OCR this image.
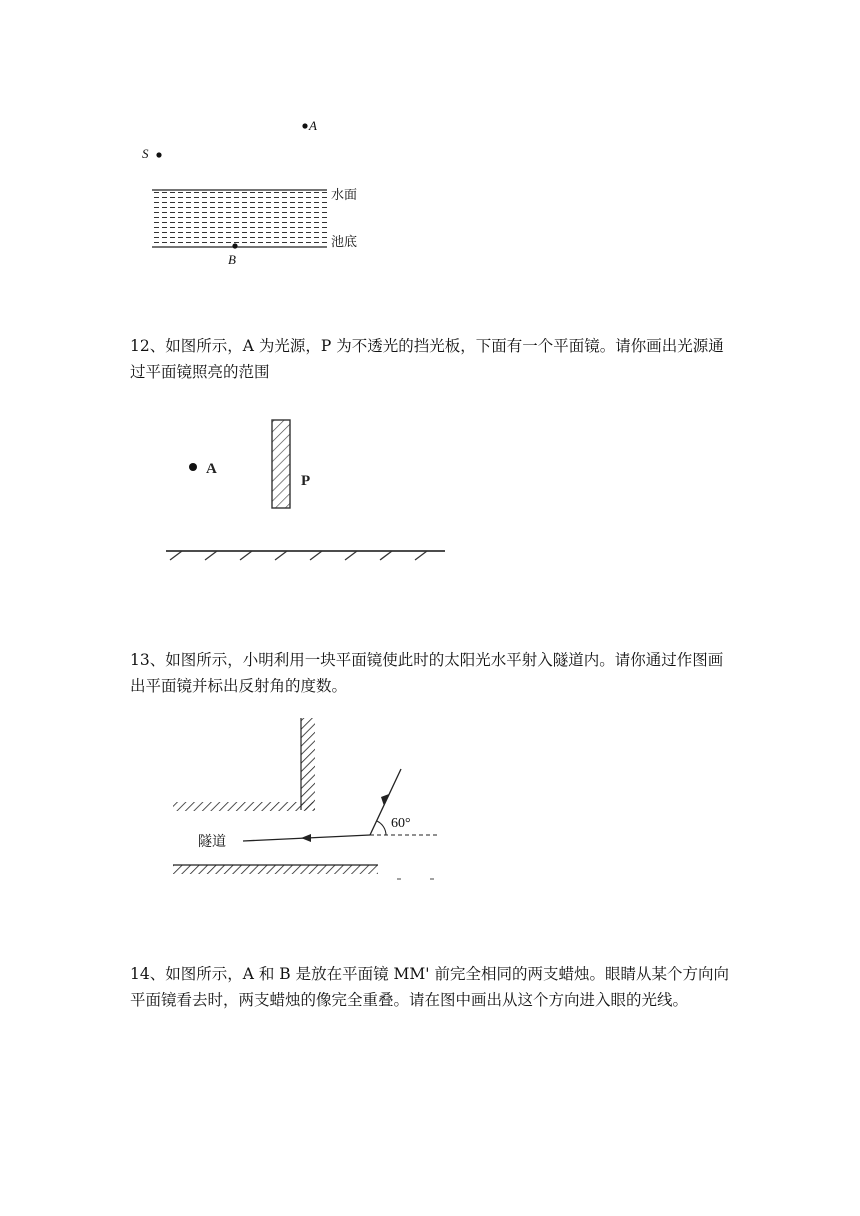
A
S
水面
池底
B

12、如图所示，A 为光源，P 为不透光的挡光板，下面有一个平面镜。请你画出光源通过平面镜照亮的范围

A
P

13、如图所示，小明利用一块平面镜使此时的太阳光水平射入隧道内。请你通过作图画出平面镜并标出反射角的度数。

隧道
60°

14、如图所示，A 和 B 是放在平面镜 MM' 前完全相同的两支蜡烛。眼睛从某个方向向平面镜看去时，两支蜡烛的像完全重叠。请在图中画出从这个方向进入眼的光线。
